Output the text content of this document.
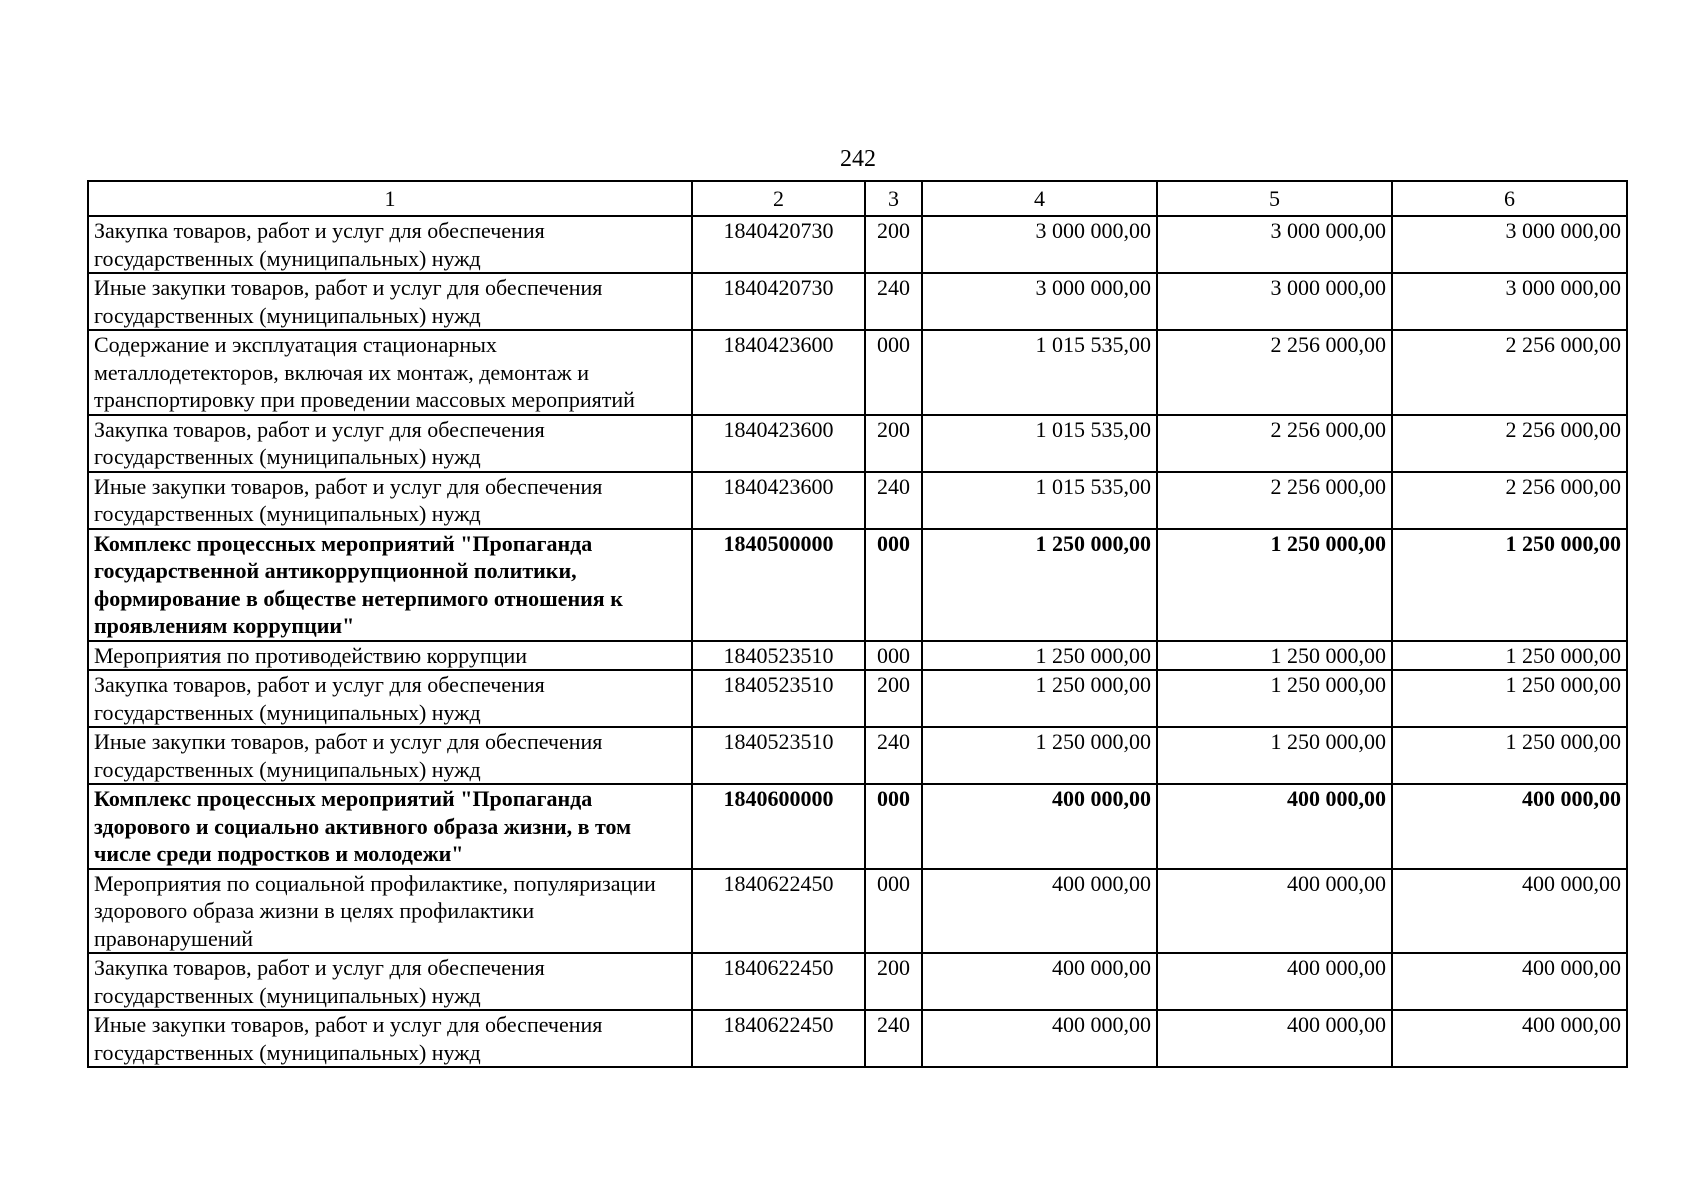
242
1	2	3	4	5	6
Закупка товаров, работ и услуг для обеспечения государственных (муниципальных) нужд	1840420730	200	3 000 000,00	3 000 000,00	3 000 000,00
Иные закупки товаров, работ и услуг для обеспечения государственных (муниципальных) нужд	1840420730	240	3 000 000,00	3 000 000,00	3 000 000,00
Содержание и эксплуатация стационарных металлодетекторов, включая их монтаж, демонтаж и транспортировку при проведении массовых мероприятий	1840423600	000	1 015 535,00	2 256 000,00	2 256 000,00
Закупка товаров, работ и услуг для обеспечения государственных (муниципальных) нужд	1840423600	200	1 015 535,00	2 256 000,00	2 256 000,00
Иные закупки товаров, работ и услуг для обеспечения государственных (муниципальных) нужд	1840423600	240	1 015 535,00	2 256 000,00	2 256 000,00
Комплекс процессных мероприятий "Пропаганда государственной антикоррупционной политики, формирование в обществе нетерпимого отношения к проявлениям коррупции"	1840500000	000	1 250 000,00	1 250 000,00	1 250 000,00
Мероприятия по противодействию коррупции	1840523510	000	1 250 000,00	1 250 000,00	1 250 000,00
Закупка товаров, работ и услуг для обеспечения государственных (муниципальных) нужд	1840523510	200	1 250 000,00	1 250 000,00	1 250 000,00
Иные закупки товаров, работ и услуг для обеспечения государственных (муниципальных) нужд	1840523510	240	1 250 000,00	1 250 000,00	1 250 000,00
Комплекс процессных мероприятий "Пропаганда здорового и социально активного образа жизни, в том числе среди подростков и молодежи"	1840600000	000	400 000,00	400 000,00	400 000,00
Мероприятия по социальной профилактике, популяризации здорового образа жизни в целях профилактики правонарушений	1840622450	000	400 000,00	400 000,00	400 000,00
Закупка товаров, работ и услуг для обеспечения государственных (муниципальных) нужд	1840622450	200	400 000,00	400 000,00	400 000,00
Иные закупки товаров, работ и услуг для обеспечения государственных (муниципальных) нужд	1840622450	240	400 000,00	400 000,00	400 000,00
